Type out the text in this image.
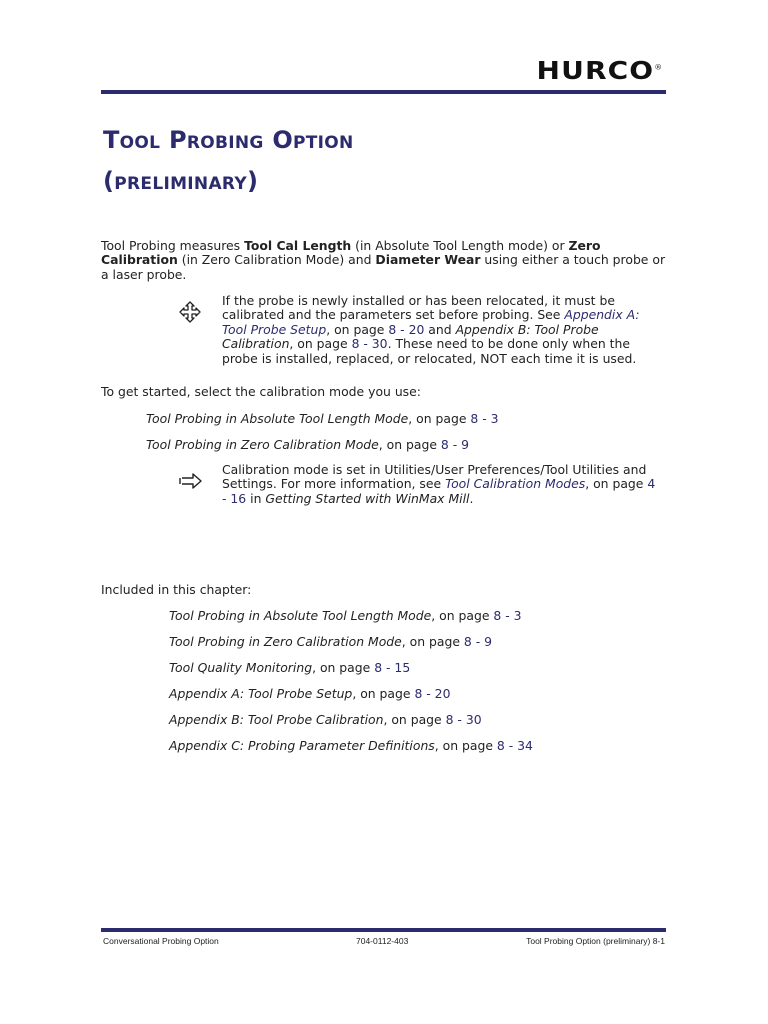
HURCO®
Tool Probing Option
(preliminary)
Tool Probing measures Tool Cal Length (in Absolute Tool Length mode) or Zero Calibration (in Zero Calibration Mode) and Diameter Wear using either a touch probe or a laser probe.
If the probe is newly installed or has been relocated, it must be calibrated and the parameters set before probing. See Appendix A: Tool Probe Setup, on page 8 - 20 and Appendix B: Tool Probe Calibration, on page 8 - 30. These need to be done only when the probe is installed, replaced, or relocated, NOT each time it is used.
To get started, select the calibration mode you use:
Tool Probing in Absolute Tool Length Mode, on page 8 - 3
Tool Probing in Zero Calibration Mode, on page 8 - 9
Calibration mode is set in Utilities/User Preferences/Tool Utilities and Settings. For more information, see Tool Calibration Modes, on page 4 - 16 in Getting Started with WinMax Mill.
Included in this chapter:
Tool Probing in Absolute Tool Length Mode, on page 8 - 3
Tool Probing in Zero Calibration Mode, on page 8 - 9
Tool Quality Monitoring, on page 8 - 15
Appendix A: Tool Probe Setup, on page 8 - 20
Appendix B: Tool Probe Calibration, on page 8 - 30
Appendix C: Probing Parameter Definitions, on page 8 - 34
Conversational Probing Option	704-0112-403	Tool Probing Option (preliminary) 8-1
